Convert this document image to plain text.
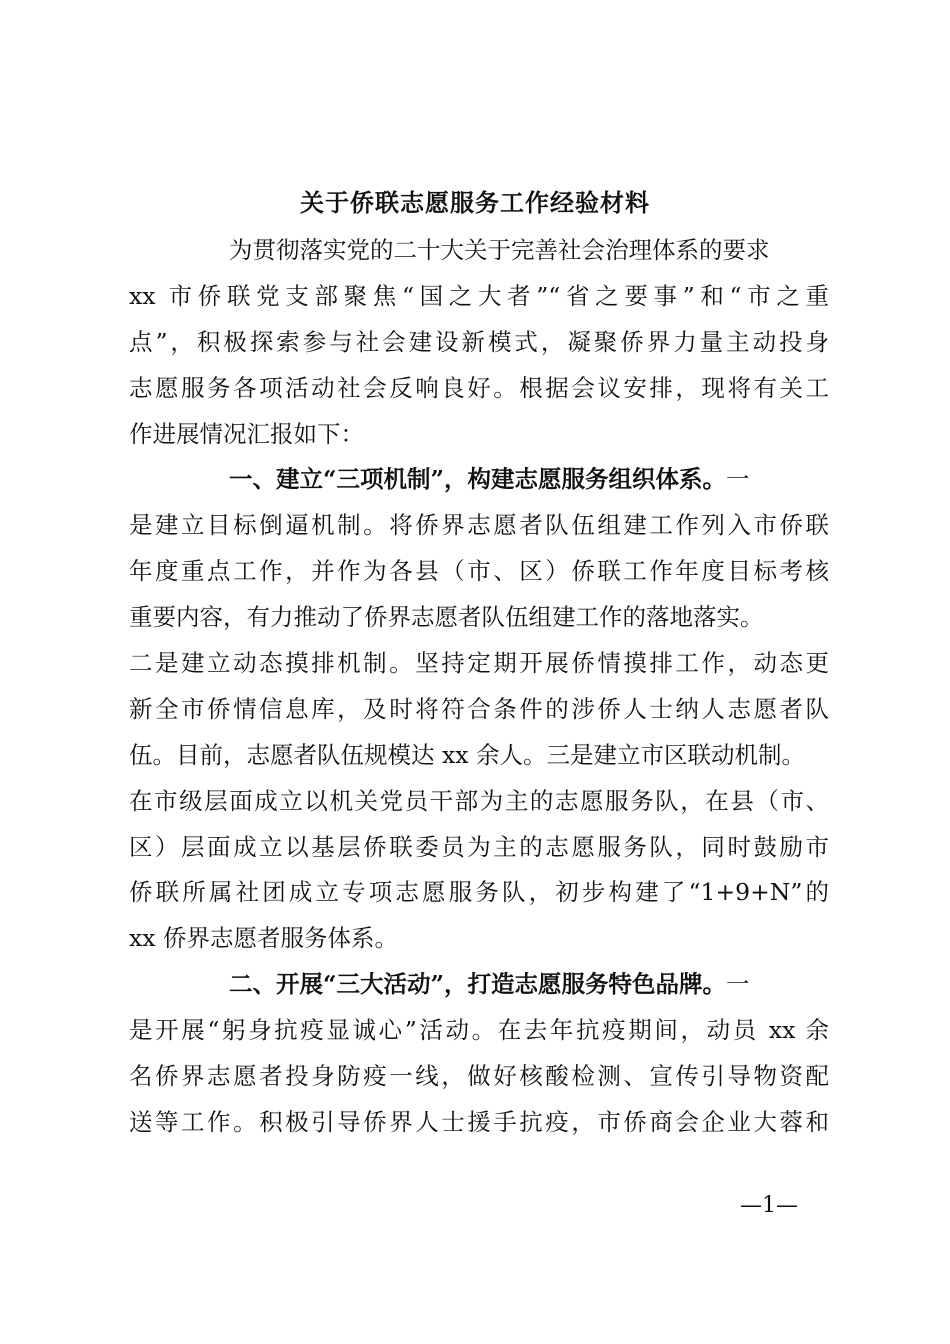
关于侨联志愿服务工作经验材料
为贯彻落实党的二十大关于完善社会治理体系的要求
xx 市侨联党支部聚焦“国之大者”“省之要事”和“市之重
点”，积极探索参与社会建设新模式，凝聚侨界力量主动投身
志愿服务各项活动社会反响良好。根据会议安排，现将有关工
作进展情况汇报如下：
一、建立“三项机制”，构建志愿服务组织体系。一
是建立目标倒逼机制。将侨界志愿者队伍组建工作列入市侨联
年度重点工作，并作为各县（市、区）侨联工作年度目标考核
重要内容，有力推动了侨界志愿者队伍组建工作的落地落实。
二是建立动态摸排机制。坚持定期开展侨情摸排工作，动态更
新全市侨情信息库，及时将符合条件的涉侨人士纳人志愿者队
伍。目前，志愿者队伍规模达 xx 余人。三是建立市区联动机制。
在市级层面成立以机关党员干部为主的志愿服务队，在县（市、
区）层面成立以基层侨联委员为主的志愿服务队，同时鼓励市
侨联所属社团成立专项志愿服务队，初步构建了“1+9+N”的
xx 侨界志愿者服务体系。
二、开展“三大活动”，打造志愿服务特色品牌。一
是开展“躬身抗疫显诚心”活动。在去年抗疫期间，动员 xx 余
名侨界志愿者投身防疫一线，做好核酸检测、宣传引导物资配
送等工作。积极引导侨界人士援手抗疫，市侨商会企业大蓉和
—1—
